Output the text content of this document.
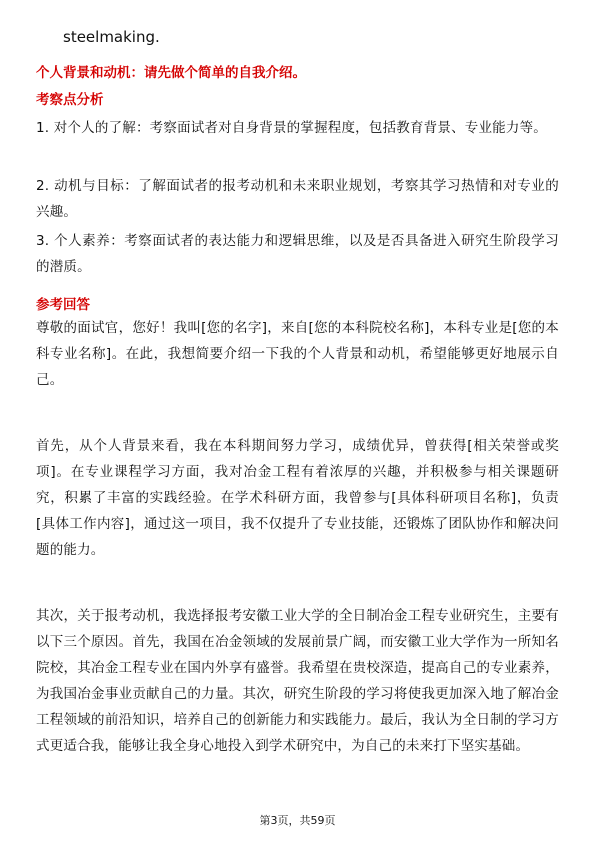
steelmaking.

个人背景和动机：请先做个简单的自我介绍。

考察点分析

1. 对个人的了解：考察面试者对自身背景的掌握程度，包括教育背景、专业能力等。

2. 动机与目标：了解面试者的报考动机和未来职业规划，考察其学习热情和对专业的兴趣。

3. 个人素养：考察面试者的表达能力和逻辑思维，以及是否具备进入研究生阶段学习的潜质。

参考回答

尊敬的面试官，您好！我叫[您的名字]，来自[您的本科院校名称]，本科专业是[您的本科专业名称]。在此，我想简要介绍一下我的个人背景和动机，希望能够更好地展示自己。

首先，从个人背景来看，我在本科期间努力学习，成绩优异，曾获得[相关荣誉或奖项]。在专业课程学习方面，我对冶金工程有着浓厚的兴趣，并积极参与相关课题研究，积累了丰富的实践经验。在学术科研方面，我曾参与[具体科研项目名称]，负责[具体工作内容]，通过这一项目，我不仅提升了专业技能，还锻炼了团队协作和解决问题的能力。

其次，关于报考动机，我选择报考安徽工业大学的全日制冶金工程专业研究生，主要有以下三个原因。首先，我国在冶金领域的发展前景广阔，而安徽工业大学作为一所知名院校，其冶金工程专业在国内外享有盛誉。我希望在贵校深造，提高自己的专业素养，为我国冶金事业贡献自己的力量。其次，研究生阶段的学习将使我更加深入地了解冶金工程领域的前沿知识，培养自己的创新能力和实践能力。最后，我认为全日制的学习方式更适合我，能够让我全身心地投入到学术研究中，为自己的未来打下坚实基础。

第3页，共59页
